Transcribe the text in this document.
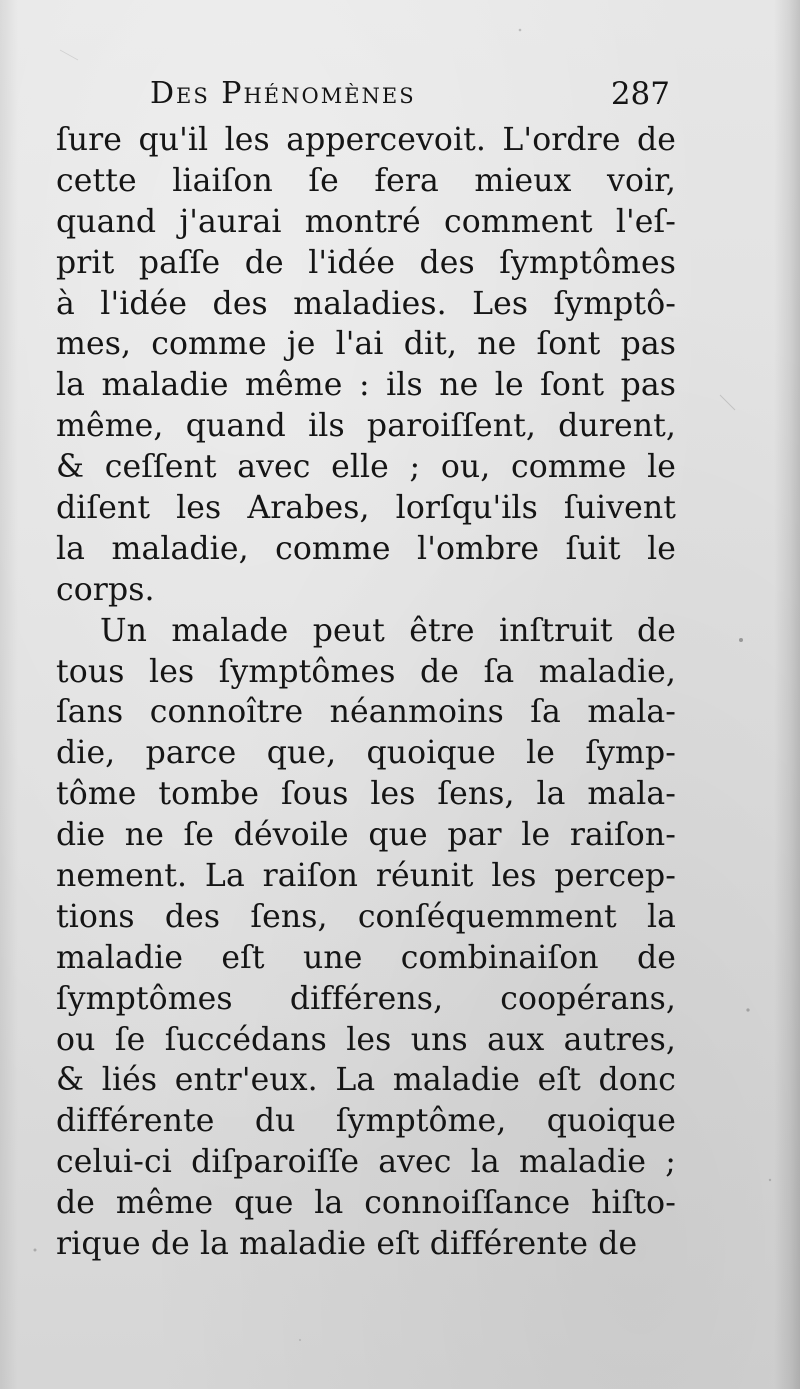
Des Phénomènes	287
ſure qu'il les appercevoit. L'ordre de
cette liaiſon ſe fera mieux voir,
quand j'aurai montré comment l'eſ-
prit paſſe de l'idée des ſymptômes
à l'idée des maladies. Les ſymptô-
mes, comme je l'ai dit, ne ſont pas
la maladie même : ils ne le ſont pas
même, quand ils paroiſſent, durent,
& ceſſent avec elle ; ou, comme le
diſent les Arabes, lorſqu'ils ſuivent
la maladie, comme l'ombre ſuit le
corps.
Un malade peut être inſtruit de
tous les ſymptômes de ſa maladie,
ſans connoître néanmoins ſa mala-
die, parce que, quoique le ſymp-
tôme tombe ſous les ſens, la mala-
die ne ſe dévoile que par le raiſon-
nement. La raiſon réunit les percep-
tions des ſens, conſéquemment la
maladie eſt une combinaiſon de
ſymptômes différens, coopérans,
ou ſe ſuccédans les uns aux autres,
& liés entr'eux. La maladie eſt donc
différente du ſymptôme, quoique
celui-ci diſparoiſſe avec la maladie ;
de même que la connoiſſance hiſto-
rique de la maladie eſt différente de
